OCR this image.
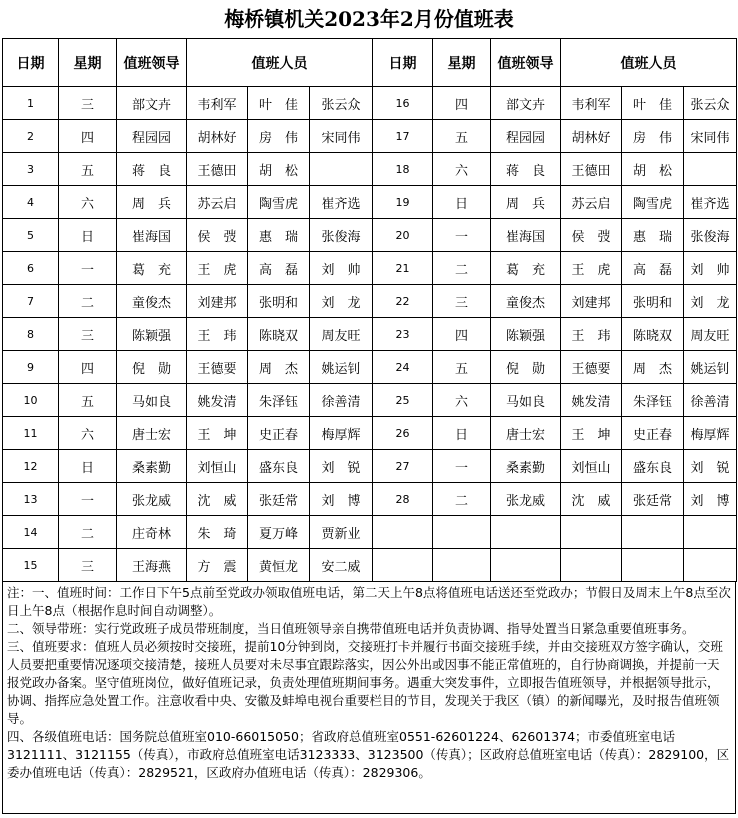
梅桥镇机关2023年2月份值班表
日期	星期	值班领导	值班人员			日期	星期	值班领导	值班人员		
1	三	部文卉	韦利军	叶　佳	张云众	16	四	部文卉	韦利军	叶　佳	张云众
2	四	程园园	胡林好	房　伟	宋同伟	17	五	程园园	胡林好	房　伟	宋同伟
3	五	蒋　良	王德田	胡　松		18	六	蒋　良	王德田	胡　松	
4	六	周　兵	苏云启	陶雪虎	崔齐选	19	日	周　兵	苏云启	陶雪虎	崔齐选
5	日	崔海国	侯　弢	惠　瑞	张俊海	20	一	崔海国	侯　弢	惠　瑞	张俊海
6	一	葛　充	王　虎	高　磊	刘　帅	21	二	葛　充	王　虎	高　磊	刘　帅
7	二	童俊杰	刘建邦	张明和	刘　龙	22	三	童俊杰	刘建邦	张明和	刘　龙
8	三	陈颖强	王　玮	陈晓双	周友旺	23	四	陈颖强	王　玮	陈晓双	周友旺
9	四	倪　勋	王德要	周　杰	姚运钊	24	五	倪　勋	王德要	周　杰	姚运钊
10	五	马如良	姚发清	朱泽钰	徐善清	25	六	马如良	姚发清	朱泽钰	徐善清
11	六	唐士宏	王　坤	史正春	梅厚辉	26	日	唐士宏	王　坤	史正春	梅厚辉
12	日	桑素勤	刘恒山	盛东良	刘　锐	27	一	桑素勤	刘恒山	盛东良	刘　锐
13	一	张龙威	沈　威	张廷常	刘　博	28	二	张龙威	沈　威	张廷常	刘　博
14	二	庄奇林	朱　琦	夏万峰	贾新业						
15	三	王海燕	方　震	黄恒龙	安二威						

注：一、值班时间：工作日下午5点前至党政办领取值班电话，第二天上午8点将值班电话送还至党政办；节假日及周末上午8点至次日上午8点（根据作息时间自动调整）。

二、领导带班：实行党政班子成员带班制度，当日值班领导亲自携带值班电话并负责协调、指导处置当日紧急重要值班事务。

三、值班要求：值班人员必须按时交接班，提前10分钟到岗，交接班打卡并履行书面交接班手续，并由交接班双方签字确认，交班人员要把重要情况逐项交接清楚，接班人员要对未尽事宜跟踪落实，因公外出或因事不能正常值班的，自行协商调换，并提前一天报党政办备案。坚守值班岗位，做好值班记录，负责处理值班期间事务。遇重大突发事件，立即报告值班领导，并根据领导批示，协调、指挥应急处置工作。注意收看中央、安徽及蚌埠电视台重要栏目的节目，发现关于我区（镇）的新闻曝光，及时报告值班领导。

四、各级值班电话：国务院总值班室010-66015050；省政府总值班室0551-62601224、62601374；市委值班室电话3121111、3121155（传真），市政府总值班室电话3123333、3123500（传真）；区政府总值班室电话（传真）：2829100，区委办值班电话（传真）：2829521，区政府办值班电话（传真）：2829306。
